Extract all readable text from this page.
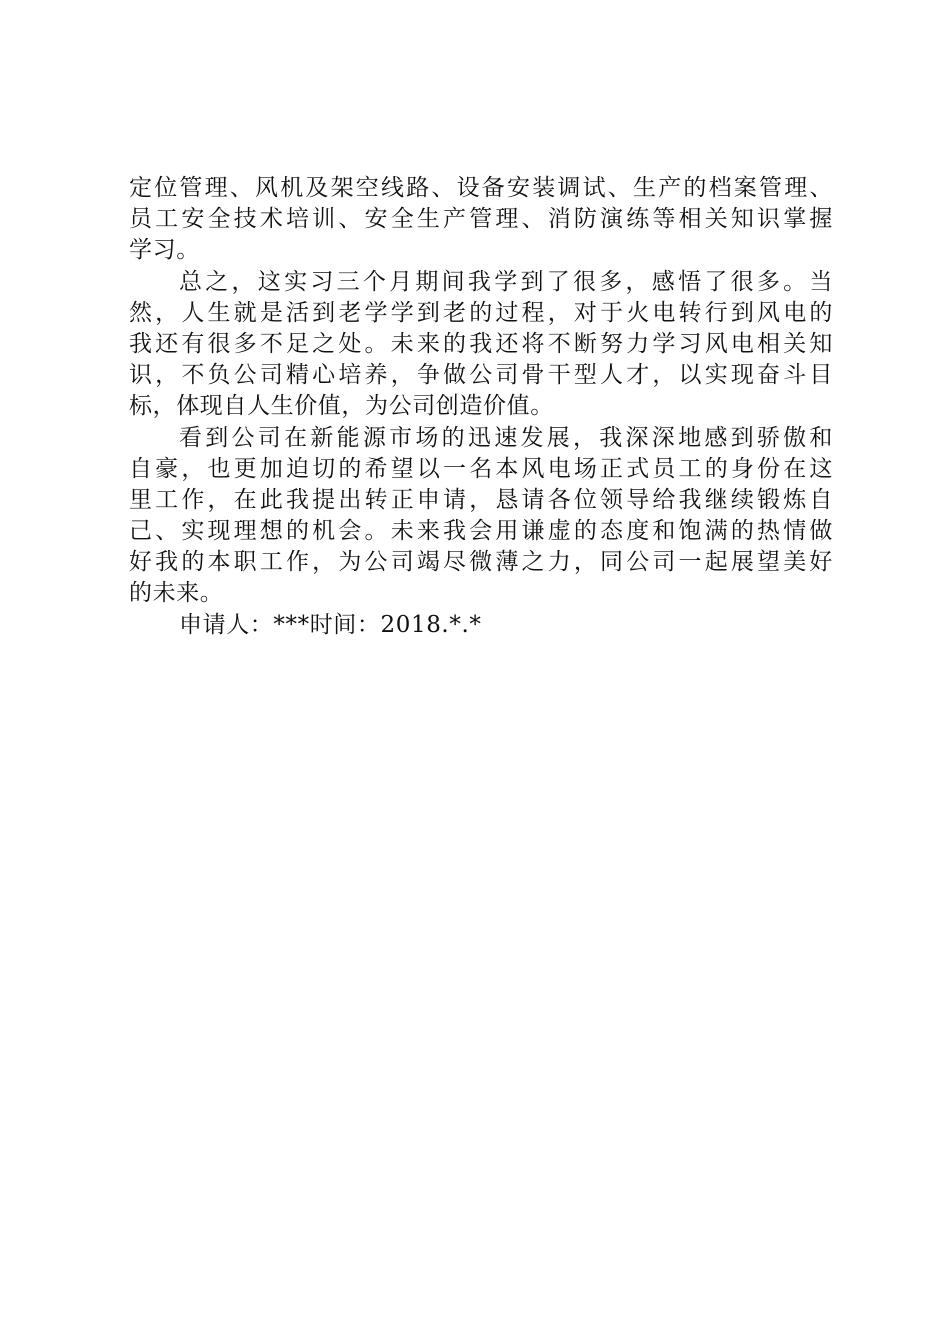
定位管理、风机及架空线路、设备安装调试、生产的档案管理、
员工安全技术培训、安全生产管理、消防演练等相关知识掌握
学习。
总之，这实习三个月期间我学到了很多，感悟了很多。当
然，人生就是活到老学学到老的过程，对于火电转行到风电的
我还有很多不足之处。未来的我还将不断努力学习风电相关知
识，不负公司精心培养，争做公司骨干型人才，以实现奋斗目
标，体现自人生价值，为公司创造价值。
看到公司在新能源市场的迅速发展，我深深地感到骄傲和
自豪，也更加迫切的希望以一名本风电场正式员工的身份在这
里工作，在此我提出转正申请，恳请各位领导给我继续锻炼自
己、实现理想的机会。未来我会用谦虚的态度和饱满的热情做
好我的本职工作，为公司竭尽微薄之力，同公司一起展望美好
的未来。
申请人：***时间：2018.*.*
